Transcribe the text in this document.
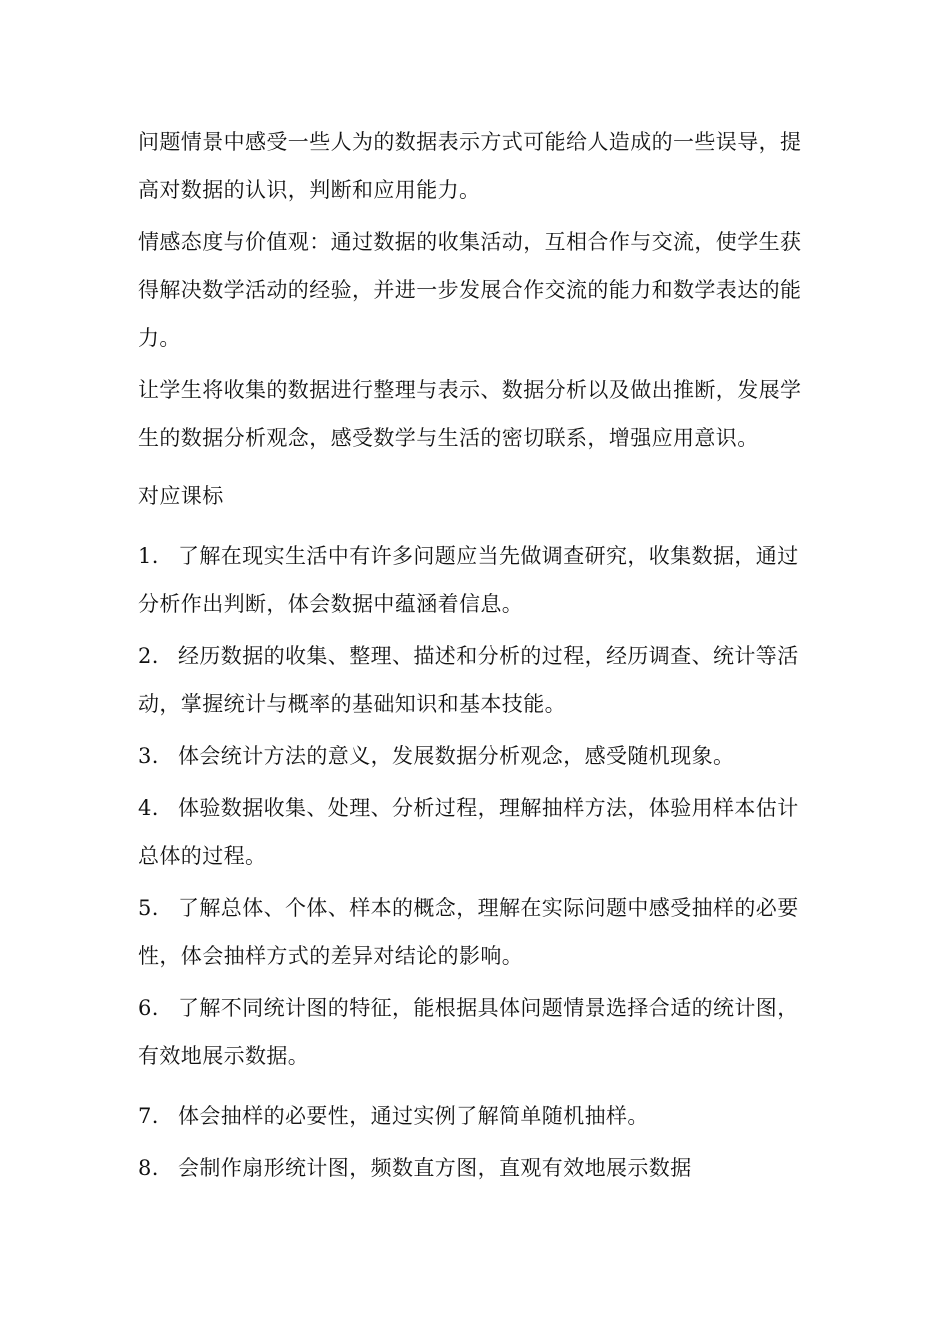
问题情景中感受一些人为的数据表示方式可能给人造成的一些误导，提高对数据的认识，判断和应用能力。

情感态度与价值观：通过数据的收集活动，互相合作与交流，使学生获得解决数学活动的经验，并进一步发展合作交流的能力和数学表达的能力。

让学生将收集的数据进行整理与表示、数据分析以及做出推断，发展学生的数据分析观念，感受数学与生活的密切联系，增强应用意识。

对应课标

1. 了解在现实生活中有许多问题应当先做调查研究，收集数据，通过分析作出判断，体会数据中蕴涵着信息。
2. 经历数据的收集、整理、描述和分析的过程，经历调查、统计等活动，掌握统计与概率的基础知识和基本技能。
3. 体会统计方法的意义，发展数据分析观念，感受随机现象。
4. 体验数据收集、处理、分析过程，理解抽样方法，体验用样本估计总体的过程。
5. 了解总体、个体、样本的概念，理解在实际问题中感受抽样的必要性，体会抽样方式的差异对结论的影响。
6. 了解不同统计图的特征，能根据具体问题情景选择合适的统计图，有效地展示数据。
7. 体会抽样的必要性，通过实例了解简单随机抽样。
8. 会制作扇形统计图，频数直方图，直观有效地展示数据
